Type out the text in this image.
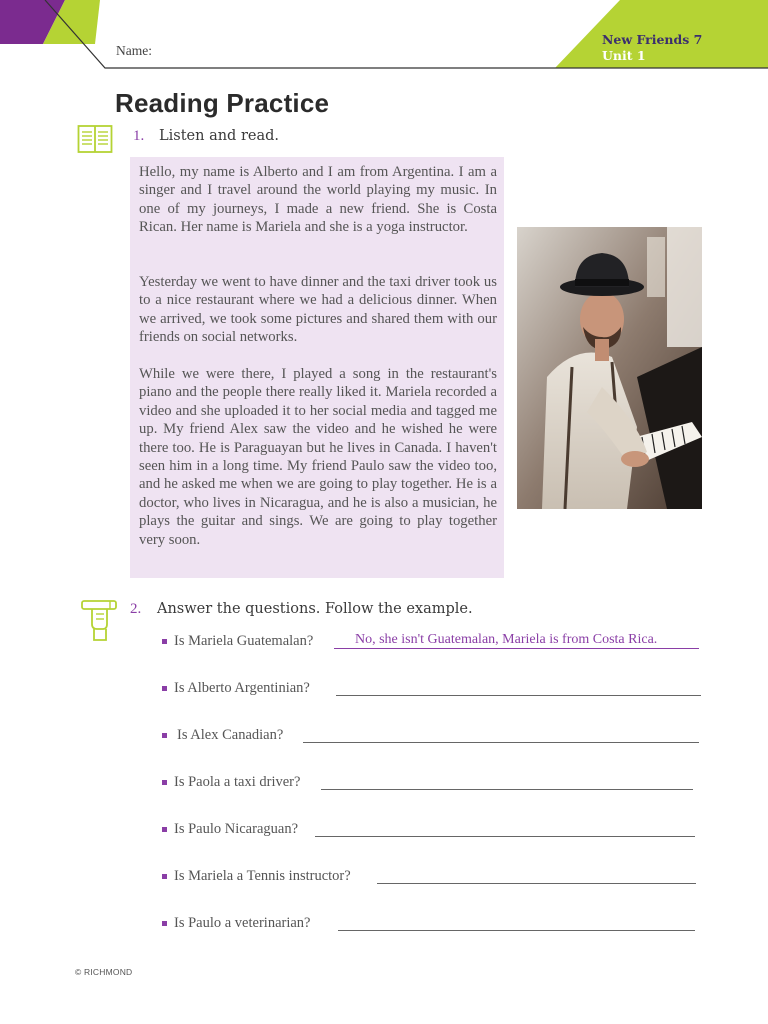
Name:
New Friends 7
Unit 1
Reading Practice
1. Listen and read.

Hello, my name is Alberto and I am from Argentina. I am a singer and I travel around the world playing my music. In one of my journeys, I made a new friend. She is Costa Rican. Her name is Mariela and she is a yoga instructor.

Yesterday we went to have dinner and the taxi driver took us to a nice restaurant where we had a delicious dinner. When we arrived, we took some pictures and shared them with our friends on social networks.

While we were there, I played a song in the restaurant's piano and the people there really liked it. Mariela recorded a video and she uploaded it to her social media and tagged me up. My friend Alex saw the video and he wished he were there too. He is Paraguayan but he lives in Canada. I haven't seen him in a long time. My friend Paulo saw the video too, and he asked me when we are going to play together. He is a doctor, who lives in Nicaragua, and he is also a musician, he plays the guitar and sings. We are going to play together very soon.

2. Answer the questions. Follow the example.
Is Mariela Guatemalan?	No, she isn't Guatemalan, Mariela is from Costa Rica.
Is Alberto Argentinian?
Is Alex Canadian?
Is Paola a taxi driver?
Is Paulo Nicaraguan?
Is Mariela a Tennis instructor?
Is Paulo a veterinarian?
© RICHMOND
